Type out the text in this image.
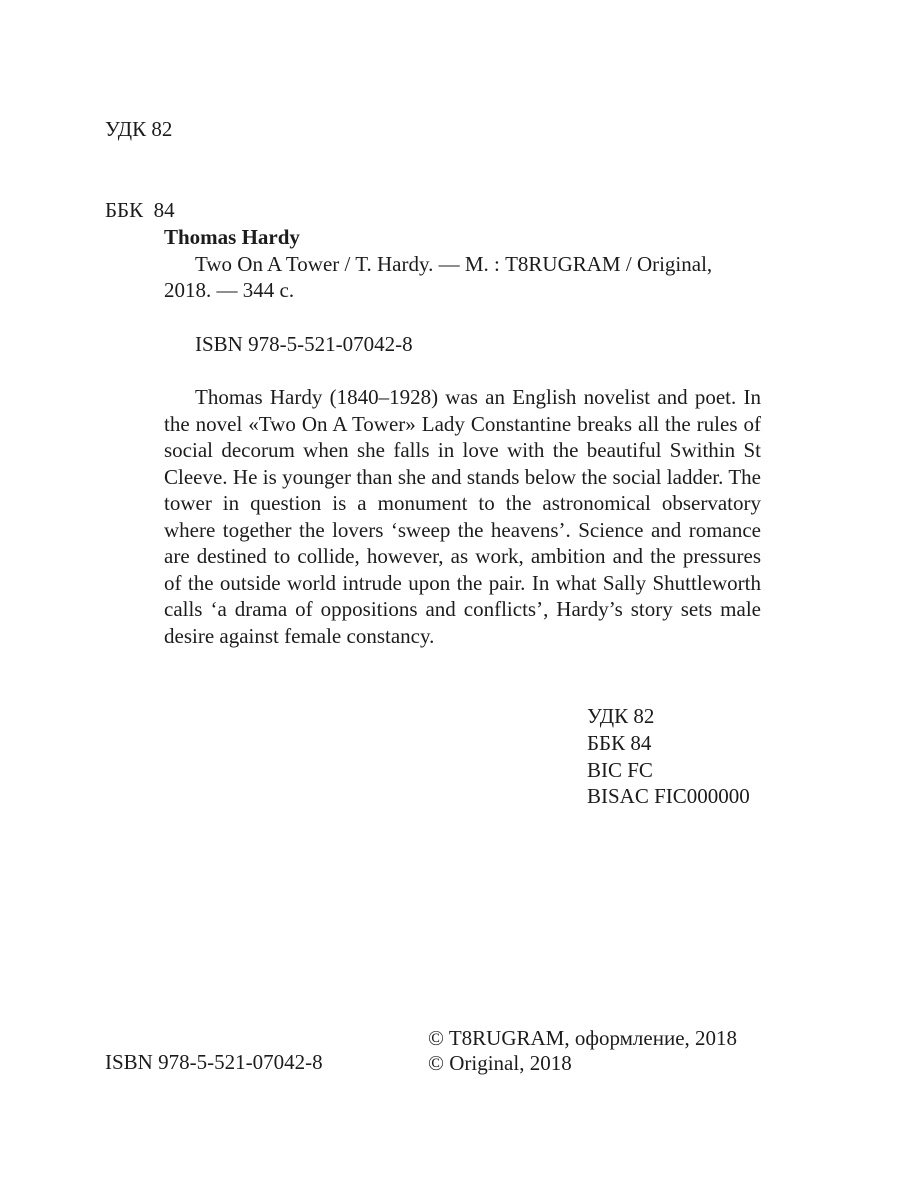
УДК 82

ББК  84

Thomas Hardy

Two On A Tower / T. Hardy. — М. : T8RUGRAM / Original,

2018. — 344 с.

ISBN 978-5-521-07042-8

Thomas Hardy (1840–1928) was an English novelist and poet. In the novel «Two On A Tower» Lady Constantine breaks all the rules of social decorum when she falls in love with the beautiful Swithin St Cleeve. He is younger than she and stands below the social ladder. The tower in question is a monument to the astronomical observatory where together the lovers ‘sweep the heavens’. Science and romance are destined to collide, however, as work, ambition and the pressures of the outside world intrude upon the pair. In what Sally Shuttleworth calls ‘a drama of oppositions and conflicts’, Hardy’s story sets male desire against female constancy.

УДК 82
ББК 84
BIC FC
BISAC FIC000000
ISBN 978-5-521-07042-8
© T8RUGRAM, оформление, 2018
© Original, 2018
